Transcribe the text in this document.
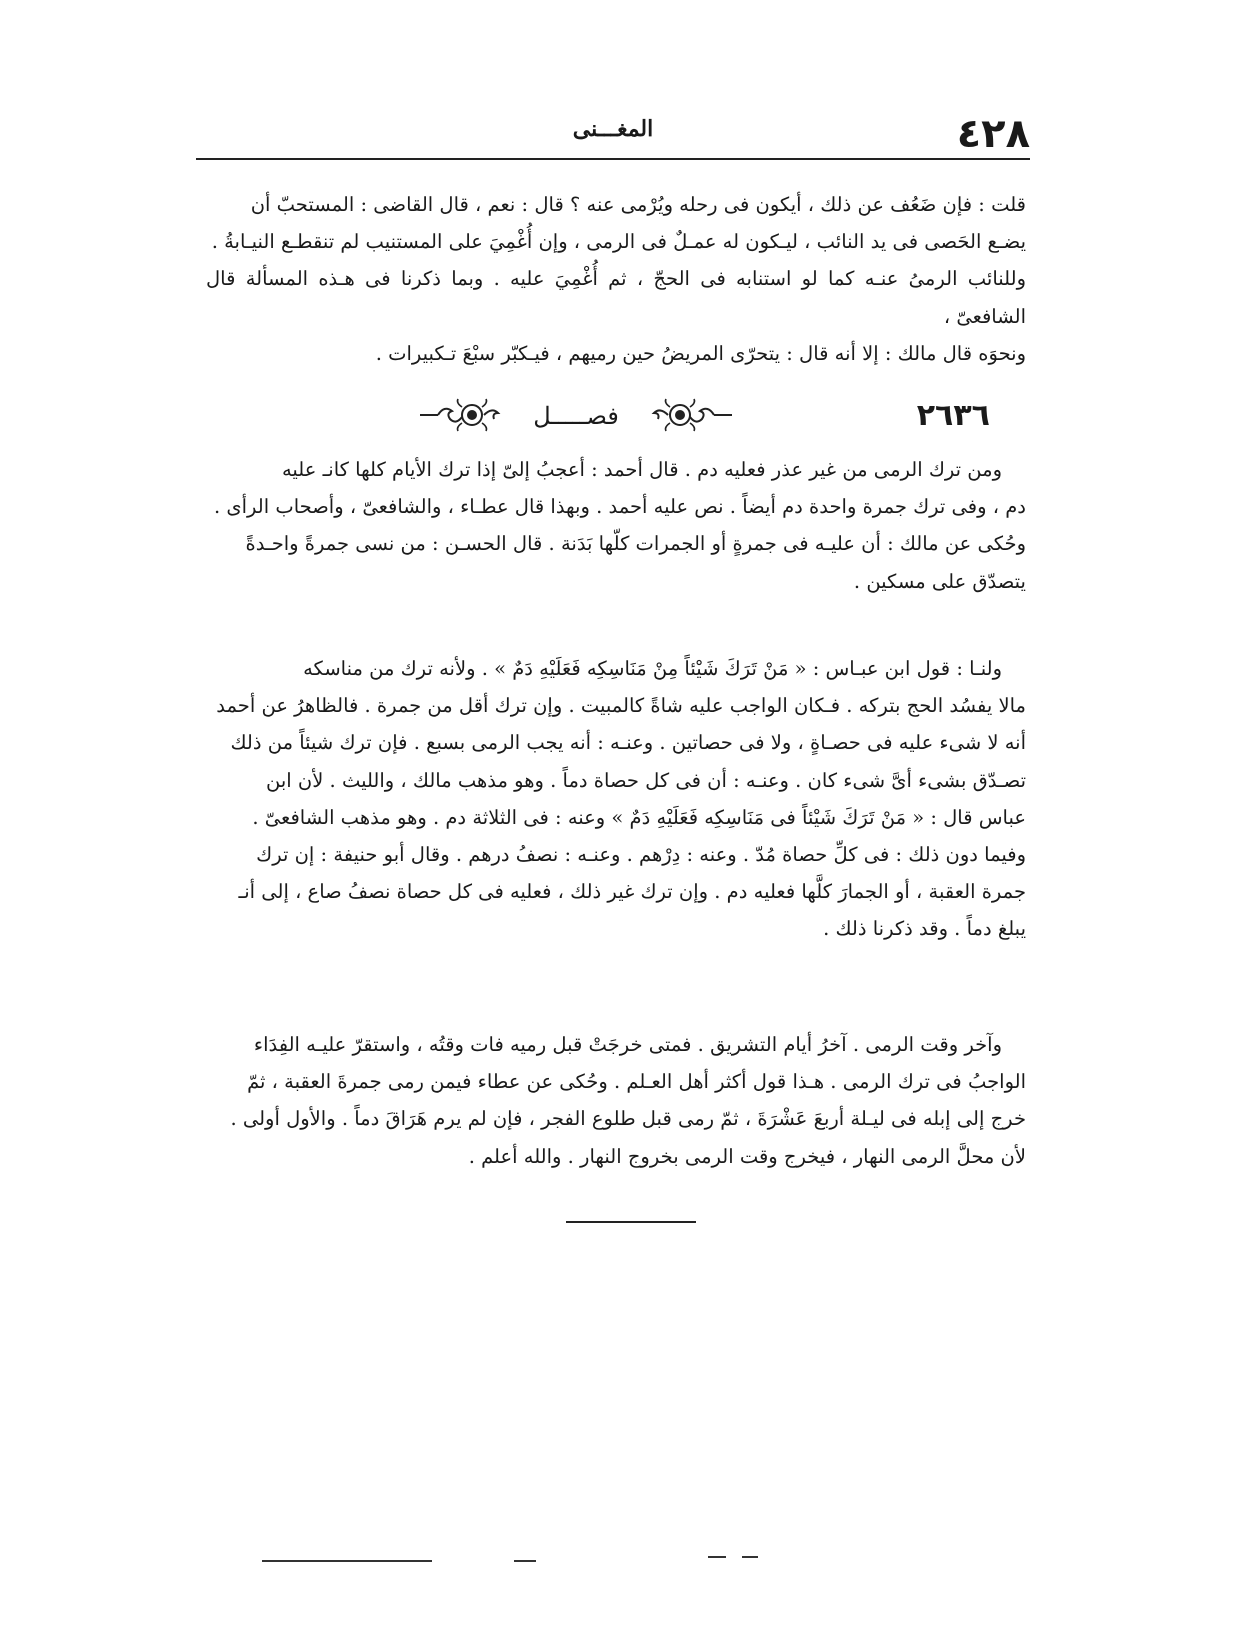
٤٢٨
المغـــنى

قلت : فإن ضَعُف عن ذلك ، أيكون فى رحله ويُرْمى عنه ؟ قال : نعم ، قال القاضى : المستحبّ أن

يضـع الحَصى فى يد النائب ، ليـكون له عمـلٌ فى الرمى ، وإن أُغْمِيَ على المستنيب لم تنقطـع النيـابةُ .

وللنائب الرمىُ عنـه كما لو استنابه فى الحجّ ، ثم أُغْمِيَ عليه . وبما ذكرنا فى هـذه المسألة قال الشافعىّ ،

ونحوَه قال مالك : إلا أنه قال : يتحرّى المريضُ حين رميهم ، فيـكبّر سبْعَ تـكبيرات .

٢٦٣٦
فصـــــل

ومن ترك الرمى من غير عذر فعليه دم . قال أحمد : أعجبُ إلىّ إذا ترك الأيام كلها كانـ عليه

دم ، وفى ترك جمرة واحدة دم أيضاً . نص عليه أحمد . وبهذا قال عطـاء ، والشافعىّ ، وأصحاب الرأى .

وحُكى عن مالك : أن عليـه فى جمرةٍ أو الجمرات كلّها بَدَنة . قال الحسـن : من نسى جمرةً واحـدةً

يتصدّق على مسكين .

ولنـا : قول ابن عبـاس : « مَنْ تَرَكَ شَيْئاً مِنْ مَنَاسِكِه فَعَلَيْهِ دَمٌ » . ولأنه ترك من مناسكه

مالا يفسُد الحج بتركه . فـكان الواجب عليه شاةً كالمبيت . وإن ترك أقل من جمرة . فالظاهرُ عن أحمد

أنه لا شىء عليه فى حصـاةٍ ، ولا فى حصاتين . وعنـه : أنه يجب الرمى بسبع . فإن ترك شيئاً من ذلك

تصـدّق بشىء أىَّ شىء كان . وعنـه : أن فى كل حصاة دماً . وهو مذهب مالك ، والليث . لأن ابن

عباس قال : « مَنْ تَرَكَ شَيْئاً فى مَنَاسِكِه فَعَلَيْهِ دَمٌ » وعنه : فى الثلاثة دم . وهو مذهب الشافعىّ .

وفيما دون ذلك : فى كلِّ حصاة مُدّ . وعنه : دِرْهم . وعنـه : نصفُ درهم . وقال أبو حنيفة : إن ترك

جمرة العقبة ، أو الجمارَ كلَّها فعليه دم . وإن ترك غير ذلك ، فعليه فى كل حصاة نصفُ صاع ، إلى أنـ

يبلغ دماً . وقد ذكرنا ذلك .

وآخر وقت الرمى . آخرُ أيام التشريق . فمتى خرجَتْ قبل رميه فات وقتُه ، واستقرّ عليـه الفِدَاء

الواجبُ فى ترك الرمى . هـذا قول أكثر أهل العـلم . وحُكى عن عطاء فيمن رمى جمرةَ العقبة ، ثمّ

خرج إلى إبله فى ليـلة أربعَ عَشْرَةَ ، ثمّ رمى قبل طلوع الفجر ، فإن لم يرم هَرَاقَ دماً . والأول أولى .

لأن محلَّ الرمى النهار ، فيخرج وقت الرمى بخروج النهار . والله أعلم .
